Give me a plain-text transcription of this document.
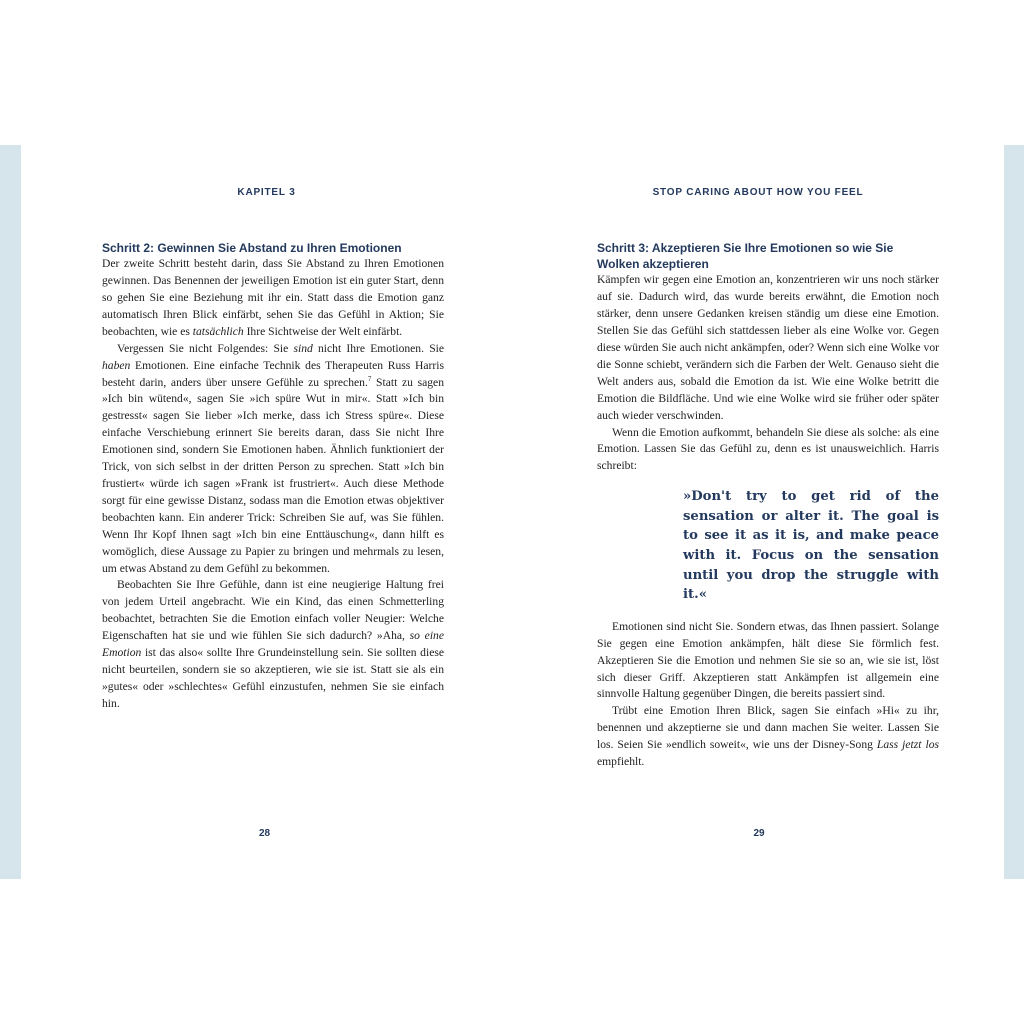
KAPITEL 3
Schritt 2: Gewinnen Sie Abstand zu Ihren Emotionen

Der zweite Schritt besteht darin, dass Sie Abstand zu Ihren Emotionen gewinnen. Das Benennen der jeweiligen Emotion ist ein guter Start, denn so gehen Sie eine Beziehung mit ihr ein. Statt dass die Emotion ganz automatisch Ihren Blick einfärbt, sehen Sie das Gefühl in Aktion; Sie beobachten, wie es tatsächlich Ihre Sichtweise der Welt einfärbt.

Vergessen Sie nicht Folgendes: Sie sind nicht Ihre Emotionen. Sie haben Emotionen. Eine einfache Technik des Therapeuten Russ Harris besteht darin, anders über unsere Gefühle zu sprechen.$^7$ Statt zu sagen »Ich bin wütend«, sagen Sie »ich spüre Wut in mir«. Statt »Ich bin gestresst« sagen Sie lieber »Ich merke, dass ich Stress spüre«. Diese einfache Verschiebung erinnert Sie bereits daran, dass Sie nicht Ihre Emotionen sind, sondern Sie Emotionen haben. Ähnlich funktioniert der Trick, von sich selbst in der dritten Person zu sprechen. Statt »Ich bin frustiert« würde ich sagen »Frank ist frustriert«. Auch diese Methode sorgt für eine gewisse Distanz, sodass man die Emotion etwas objektiver beobachten kann. Ein anderer Trick: Schreiben Sie auf, was Sie fühlen. Wenn Ihr Kopf Ihnen sagt »Ich bin eine Enttäuschung«, dann hilft es womöglich, diese Aussage zu Papier zu bringen und mehrmals zu lesen, um etwas Abstand zu dem Gefühl zu bekommen.

Beobachten Sie Ihre Gefühle, dann ist eine neugierige Haltung frei von jedem Urteil angebracht. Wie ein Kind, das einen Schmetterling beobachtet, betrachten Sie die Emotion einfach voller Neugier: Welche Eigenschaften hat sie und wie fühlen Sie sich dadurch? »Aha, so eine Emotion ist das also« sollte Ihre Grundeinstellung sein. Sie sollten diese nicht beurteilen, sondern sie so akzeptieren, wie sie ist. Statt sie als ein »gutes« oder »schlechtes« Gefühl einzustufen, nehmen Sie sie einfach hin.

28
STOP CARING ABOUT HOW YOU FEEL
Schritt 3: Akzeptieren Sie Ihre Emotionen so wie Sie Wolken akzeptieren

Kämpfen wir gegen eine Emotion an, konzentrieren wir uns noch stärker auf sie. Dadurch wird, das wurde bereits erwähnt, die Emotion noch stärker, denn unsere Gedanken kreisen ständig um diese eine Emotion. Stellen Sie das Gefühl sich stattdessen lieber als eine Wolke vor. Gegen diese würden Sie auch nicht ankämpfen, oder? Wenn sich eine Wolke vor die Sonne schiebt, verändern sich die Farben der Welt. Genauso sieht die Welt anders aus, sobald die Emotion da ist. Wie eine Wolke betritt die Emotion die Bildfläche. Und wie eine Wolke wird sie früher oder später auch wieder verschwinden.

Wenn die Emotion aufkommt, behandeln Sie diese als solche: als eine Emotion. Lassen Sie das Gefühl zu, denn es ist unausweichlich. Harris schreibt:

»Don't try to get rid of the sensation or alter it. The goal is to see it as it is, and make peace with it. Focus on the sensation until you drop the struggle with it.«

Emotionen sind nicht Sie. Sondern etwas, das Ihnen passiert. Solange Sie gegen eine Emotion ankämpfen, hält diese Sie förmlich fest. Akzeptieren Sie die Emotion und nehmen Sie sie so an, wie sie ist, löst sich dieser Griff. Akzeptieren statt Ankämpfen ist allgemein eine sinnvolle Haltung gegenüber Dingen, die bereits passiert sind.

Trübt eine Emotion Ihren Blick, sagen Sie einfach »Hi« zu ihr, benennen und akzeptierne sie und dann machen Sie weiter. Lassen Sie los. Seien Sie »endlich soweit«, wie uns der Disney-Song Lass jetzt los empfiehlt.

29
